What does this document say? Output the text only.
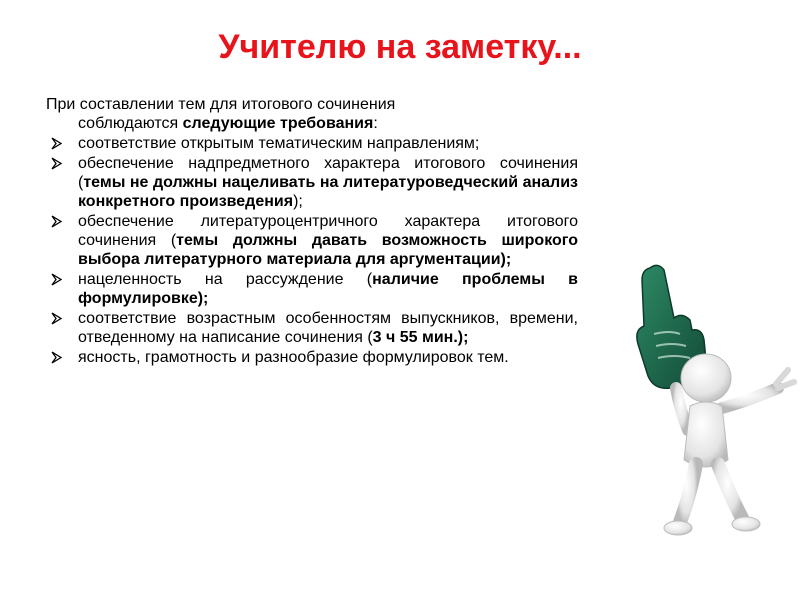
Учителю на заметку...

При составлении тем для итогового сочинения
соблюдаются следующие требования:

соответствие открытым тематическим направлениям;
обеспечение надпредметного характера итогового сочинения (темы не должны нацеливать на литературоведческий анализ конкретного произведения);
обеспечение литературоцентричного характера итогового сочинения (темы должны давать возможность широкого выбора литературного материала для аргументации);
нацеленность на рассуждение (наличие проблемы в формулировке);
соответствие возрастным особенностям выпускников, времени, отведенному на написание сочинения (3 ч 55 мин.);
ясность, грамотность и разнообразие формулировок тем.
